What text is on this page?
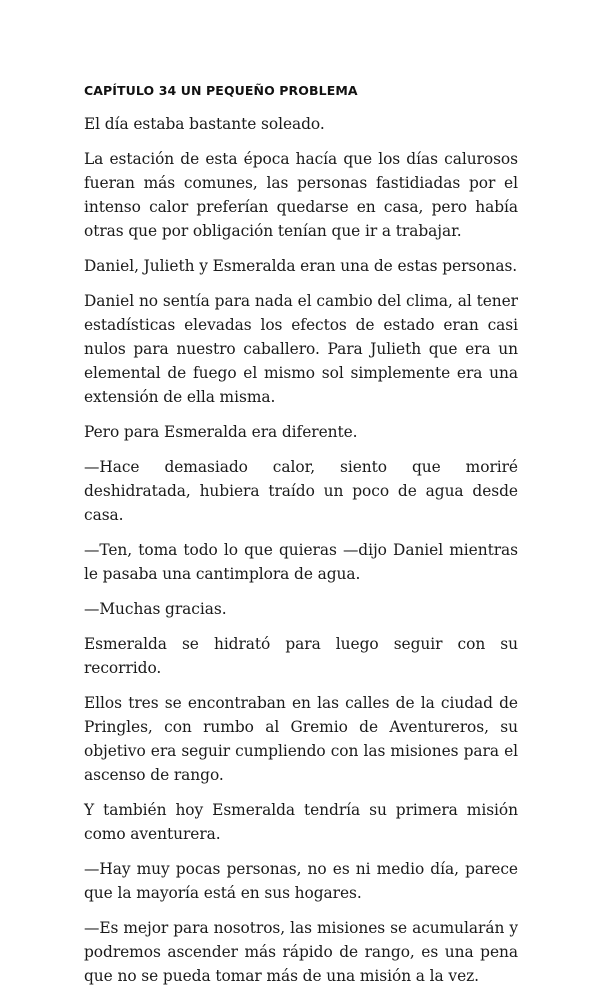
CAPÍTULO 34 UN PEQUEÑO PROBLEMA

El día estaba bastante soleado.

La estación de esta época hacía que los días calurosos fueran más comunes, las personas fastidiadas por el intenso calor preferían quedarse en casa, pero había otras que por obligación tenían que ir a trabajar.

Daniel, Julieth y Esmeralda eran una de estas personas.

Daniel no sentía para nada el cambio del clima, al tener estadísticas elevadas los efectos de estado eran casi nulos para nuestro caballero. Para Julieth que era un elemental de fuego el mismo sol simplemente era una extensión de ella misma.

Pero para Esmeralda era diferente.

—Hace demasiado calor, siento que moriré deshidratada, hubiera traído un poco de agua desde casa.

—Ten, toma todo lo que quieras —dijo Daniel mientras le pasaba una cantimplora de agua.

—Muchas gracias.

Esmeralda se hidrató para luego seguir con su recorrido.

Ellos tres se encontraban en las calles de la ciudad de Pringles, con rumbo al Gremio de Aventureros, su objetivo era seguir cumpliendo con las misiones para el ascenso de rango.

Y también hoy Esmeralda tendría su primera misión como aventurera.

—Hay muy pocas personas, no es ni medio día, parece que la mayoría está en sus hogares.

—Es mejor para nosotros, las misiones se acumularán y podremos ascender más rápido de rango, es una pena que no se pueda tomar más de una misión a la vez.
